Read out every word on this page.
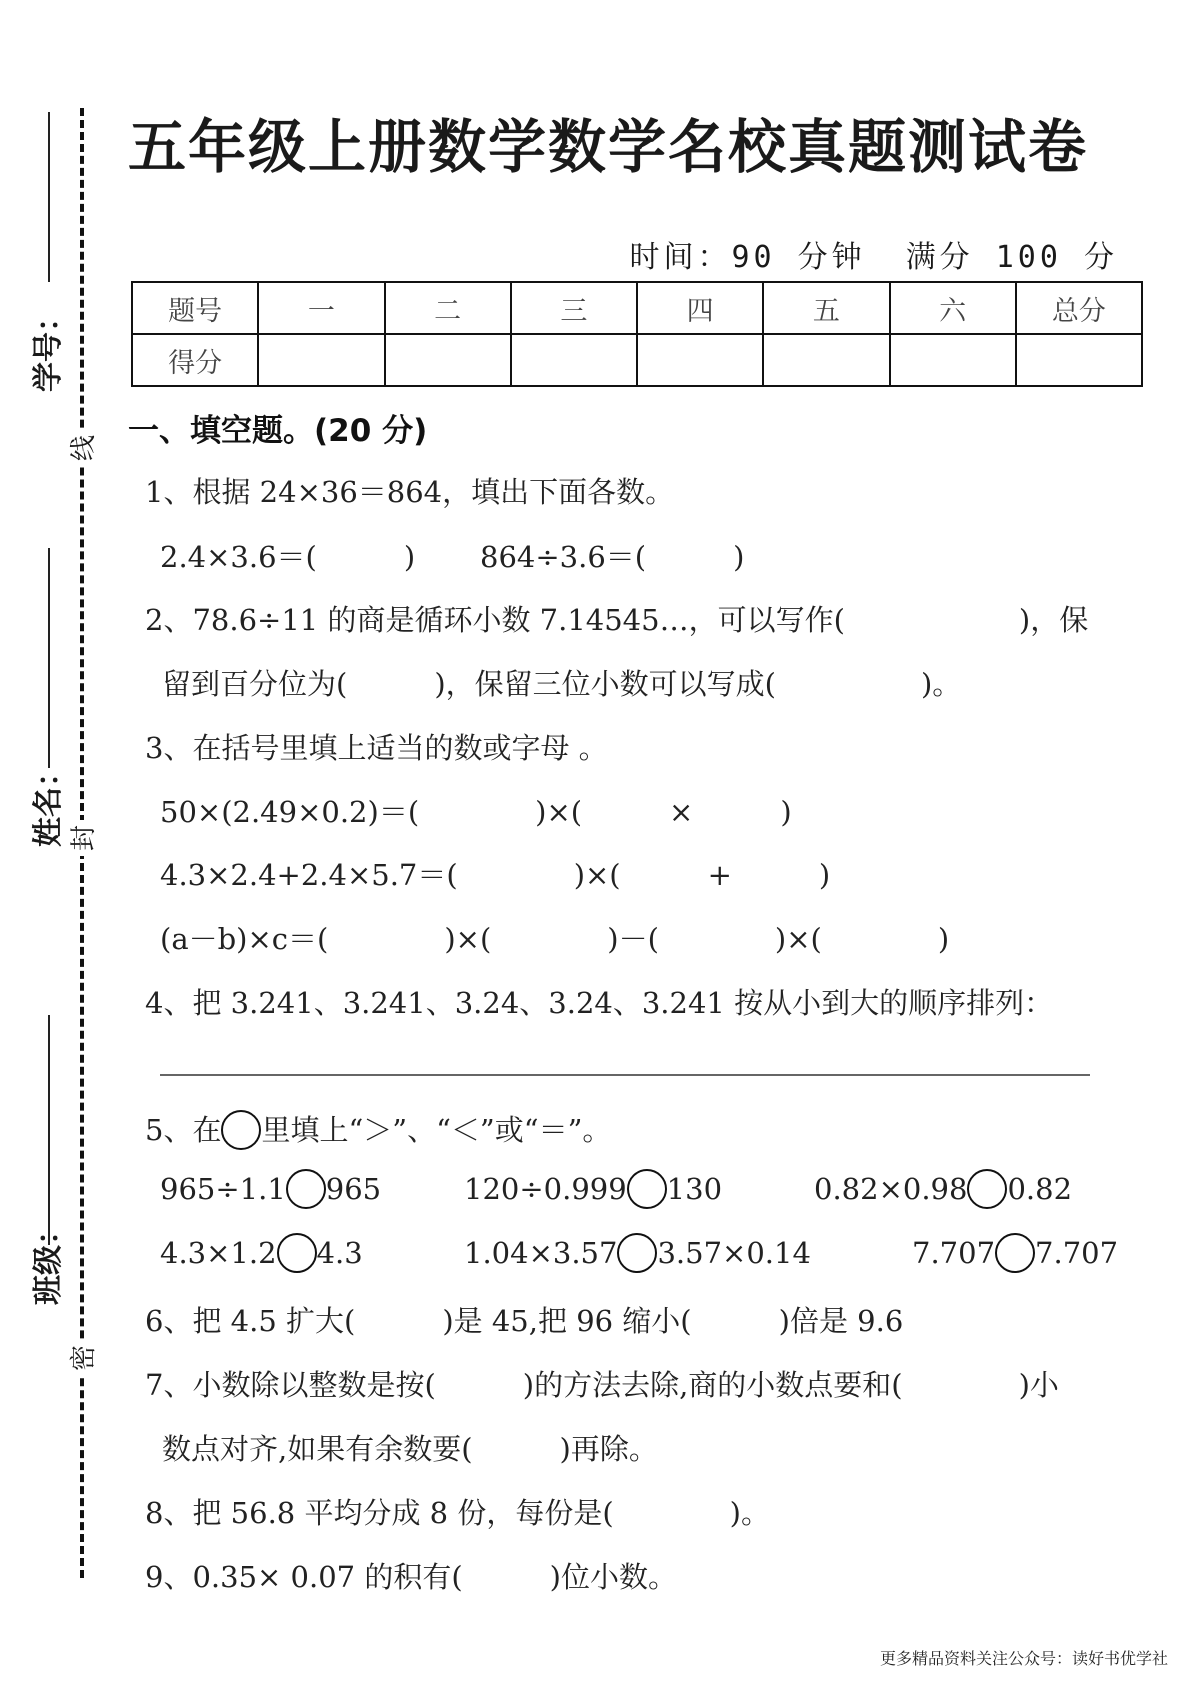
学号：
姓名：
班级：
线
封
密
五年级上册数学数学名校真题测试卷
时间：90 分钟 满分 100 分
题号	一	二	三	四	五	六	总分
得分							
一、填空题。(20 分)
1、根据 24×36＝864，填出下面各数。
2.4×3.6＝(　　　) 864÷3.6＝(　　　)
2、78.6÷11 的商是循环小数 7.14545…，可以写作(　　　　　　)，保
留到百分位为(　　　)，保留三位小数可以写成(　　　　　)。
3、在括号里填上适当的数或字母 。
50×(2.49×0.2)＝(　　　　)×(　　　×　　　)
4.3×2.4+2.4×5.7＝(　　　　)×(　　　+　　　)
(a－b)×c＝(　　　　)×(　　　　)－(　　　　)×(　　　　)
4、把 3.241、3.241、3.24、3.24、3.241 按从小到大的顺序排列：
5、在 里填上“＞”、“＜”或“＝”。
965÷1.1 965	120÷0.999 130	0.82×0.98 0.82
4.3×1.2 4.3	1.04×3.57 3.57×0.14	7.707 7.707
6、把 4.5 扩大(　　　)是 45,把 96 缩小(　　　)倍是 9.6
7、小数除以整数是按(　　　)的方法去除,商的小数点要和(　　　　)小
数点对齐,如果有余数要(　　　)再除。
8、把 56.8 平均分成 8 份，每份是(　　　　)。
9、0.35× 0.07 的积有(　　　)位小数。
更多精品资料关注公众号：读好书优学社
